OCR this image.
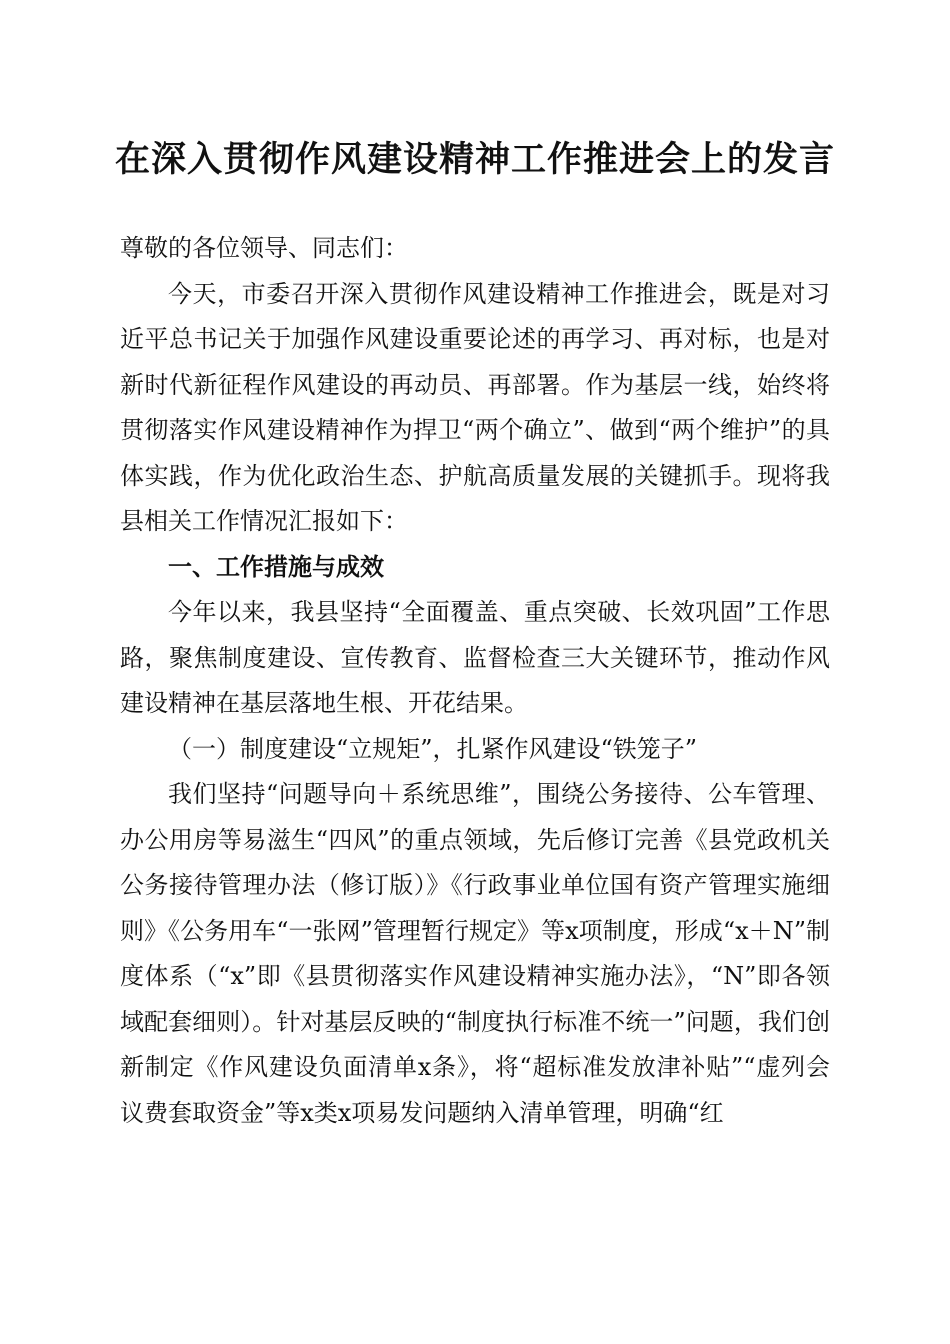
在深入贯彻作风建设精神工作推进会上的发言

尊敬的各位领导、同志们：

今天，市委召开深入贯彻作风建设精神工作推进会，既是对习近平总书记关于加强作风建设重要论述的再学习、再对标，也是对新时代新征程作风建设的再动员、再部署。作为基层一线，始终将贯彻落实作风建设精神作为捍卫“两个确立”、做到“两个维护”的具体实践，作为优化政治生态、护航高质量发展的关键抓手。现将我县相关工作情况汇报如下：

一、工作措施与成效

今年以来，我县坚持“全面覆盖、重点突破、长效巩固”工作思路，聚焦制度建设、宣传教育、监督检查三大关键环节，推动作风建设精神在基层落地生根、开花结果。

（一）制度建设“立规矩”，扎紧作风建设“铁笼子”

我们坚持“问题导向＋系统思维”，围绕公务接待、公车管理、办公用房等易滋生“四风”的重点领域，先后修订完善《县党政机关公务接待管理办法（修订版）》《行政事业单位国有资产管理实施细则》《公务用车“一张网”管理暂行规定》等x项制度，形成“x＋N”制度体系（“x”即《县贯彻落实作风建设精神实施办法》，“N”即各领域配套细则）。针对基层反映的“制度执行标准不统一”问题，我们创新制定《作风建设负面清单x条》，将“超标准发放津补贴”“虚列会议费套取资金”等x类x项易发问题纳入清单管理，明确“红
